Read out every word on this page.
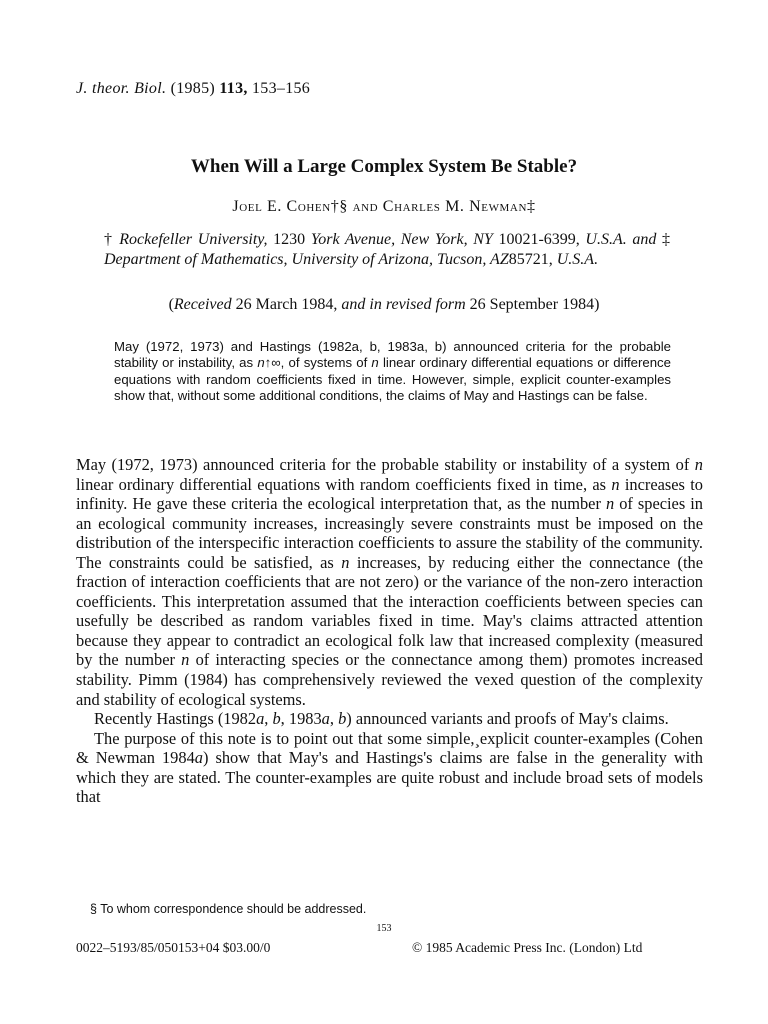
J. theor. Biol. (1985) 113, 153–156
When Will a Large Complex System Be Stable?
Joel E. Cohen†§ and Charles M. Newman‡
† Rockefeller University, 1230 York Avenue, New York, NY 10021-6399, U.S.A. and ‡ Department of Mathematics, University of Arizona, Tucson, AZ85721, U.S.A.
(Received 26 March 1984, and in revised form 26 September 1984)
May (1972, 1973) and Hastings (1982a, b, 1983a, b) announced criteria for the probable stability or instability, as n↑∞, of systems of n linear ordinary differential equations or difference equations with random coefficients fixed in time. However, simple, explicit counter-examples show that, without some additional conditions, the claims of May and Hastings can be false.

May (1972, 1973) announced criteria for the probable stability or instability of a system of n linear ordinary differential equations with random coefficients fixed in time, as n increases to infinity. He gave these criteria the ecological interpretation that, as the number n of species in an ecological community increases, increasingly severe constraints must be imposed on the distribution of the interspecific interaction coefficients to assure the stability of the community. The constraints could be satisfied, as n increases, by reducing either the connectance (the fraction of interaction coefficients that are not zero) or the variance of the non-zero interaction coefficients. This interpretation assumed that the interaction coefficients between species can usefully be described as random variables fixed in time. May's claims attracted attention because they appear to contradict an ecological folk law that increased complexity (measured by the number n of interacting species or the connectance among them) promotes increased stability. Pimm (1984) has comprehensively reviewed the vexed question of the complexity and stability of ecological systems.

Recently Hastings (1982a, b, 1983a, b) announced variants and proofs of May's claims.

The purpose of this note is to point out that some simple,¸explicit counter-examples (Cohen & Newman 1984a) show that May's and Hastings's claims are false in the generality with which they are stated. The counter-examples are quite robust and include broad sets of models that

§ To whom correspondence should be addressed.
153
0022–5193/85/050153+04 $03.00/0	© 1985 Academic Press Inc. (London) Ltd
